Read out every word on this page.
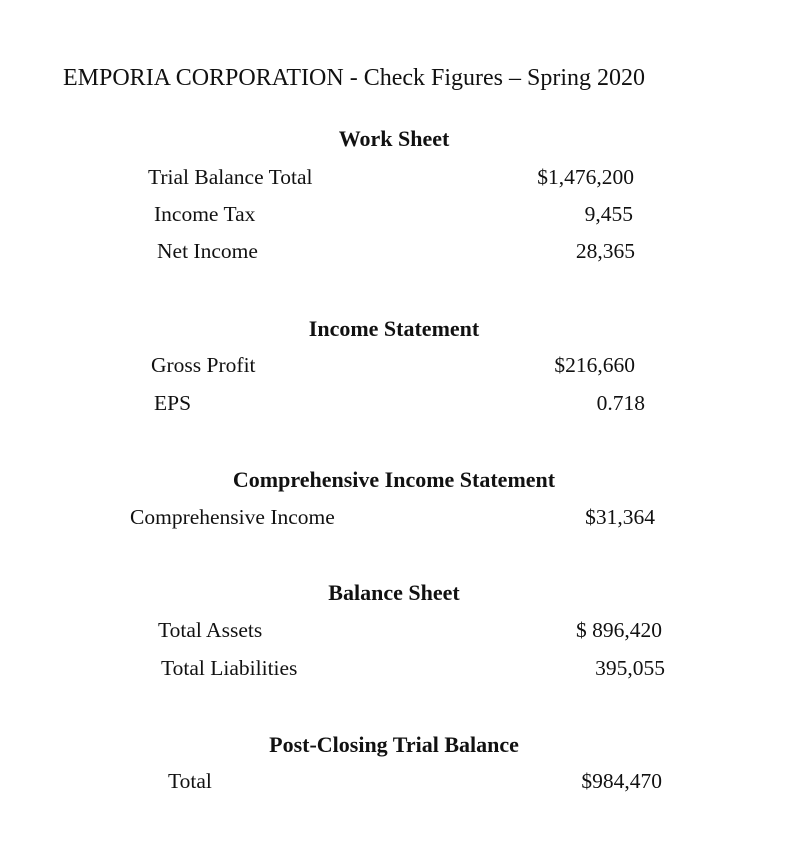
EMPORIA CORPORATION - Check Figures – Spring 2020
Work Sheet
Trial Balance Total	$1,476,200
Income Tax	9,455
Net Income	28,365
Income Statement
Gross Profit	$216,660
EPS	0.718
Comprehensive Income Statement
Comprehensive Income	$31,364
Balance Sheet
Total Assets	$ 896,420
Total Liabilities	395,055
Post-Closing Trial Balance
Total	$984,470
